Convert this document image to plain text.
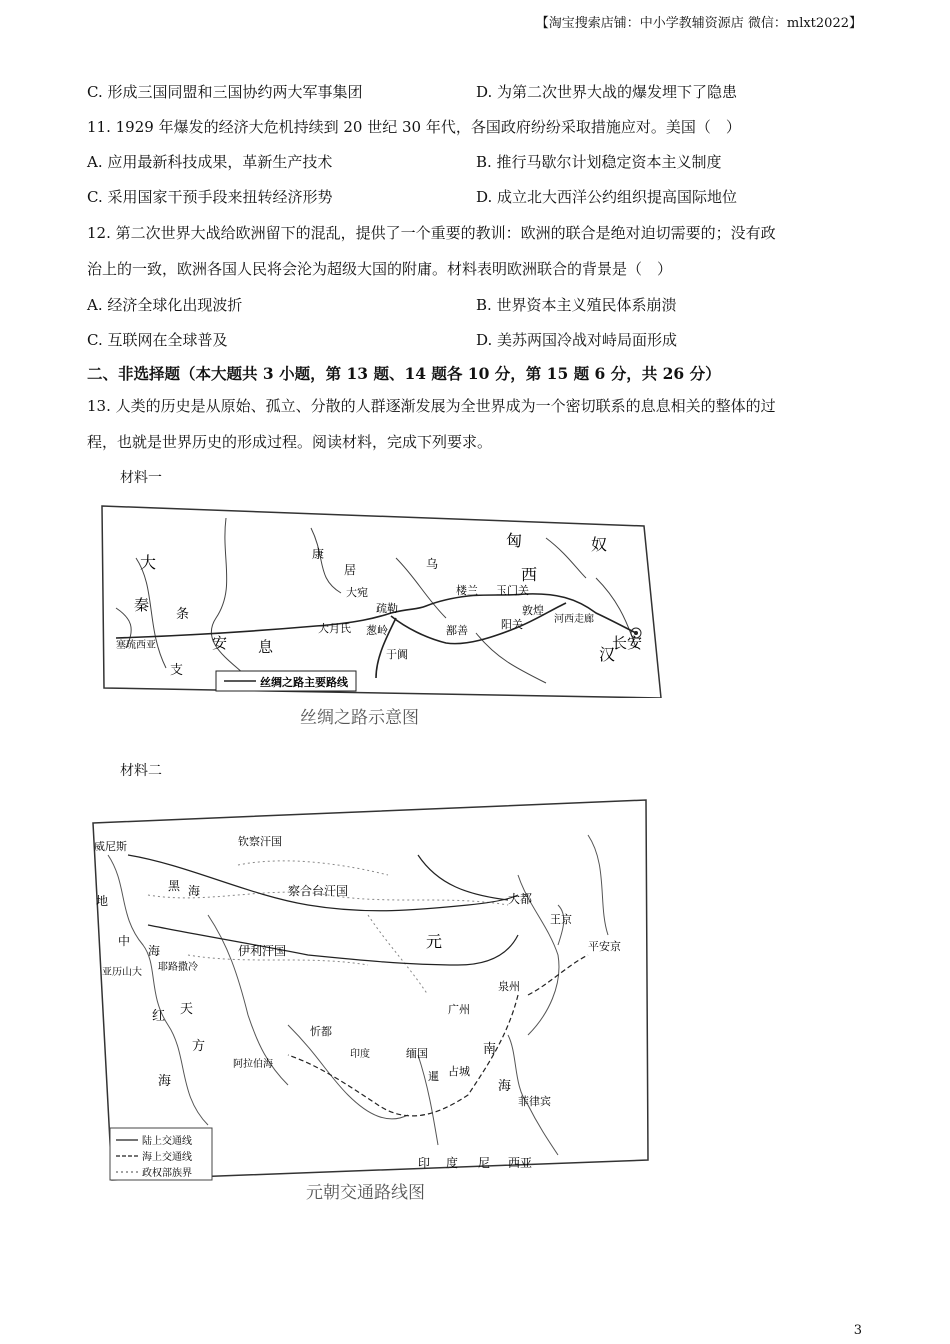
【淘宝搜索店铺：中小学教辅资源店 微信：mlxt2022】
C. 形成三国同盟和三国协约两大军事集团	D. 为第二次世界大战的爆发埋下了隐患
11. 1929 年爆发的经济大危机持续到 20 世纪 30 年代，各国政府纷纷采取措施应对。美国（　）
A. 应用最新科技成果，革新生产技术	B. 推行马歇尔计划稳定资本主义制度
C. 采用国家干预手段来扭转经济形势	D. 成立北大西洋公约组织提高国际地位
12. 第二次世界大战给欧洲留下的混乱，提供了一个重要的教训：欧洲的联合是绝对迫切需要的；没有政
治上的一致，欧洲各国人民将会沦为超级大国的附庸。材料表明欧洲联合的背景是（　）
A. 经济全球化出现波折	B. 世界资本主义殖民体系崩溃
C. 互联网在全球普及	D. 美苏两国冷战对峙局面形成
二、非选择题（本大题共 3 小题，第 13 题、14 题各 10 分，第 15 题 6 分，共 26 分）
13. 人类的历史是从原始、孤立、分散的人群逐渐发展为全世界成为一个密切联系的息息相关的整体的过
程，也就是世界历史的形成过程。阅读材料，完成下列要求。
材料一
匈	奴
西
大
秦
条
支
安 息
康
居	乌
大宛
疏勒
大月氏 葱岭
于阗
楼兰 玉门关
敦煌
河西走廊
鄯善	阳关
汉
长安
塞琉西亚
丝绸之路主要路线
丝绸之路示意图
材料二
威尼斯	钦察汗国
黑 海
地
中
海
亚历山大 耶路撒冷
察合台汗国
伊利汗国
红
海
天
方
阿拉伯海
忻都
印度
大都
王京
平安京
元
泉州
广州
南
海
占城
缅国
暹
菲律宾
印 度 尼 西亚
陆上交通线
海上交通线
政权部族界
元朝交通路线图
3
